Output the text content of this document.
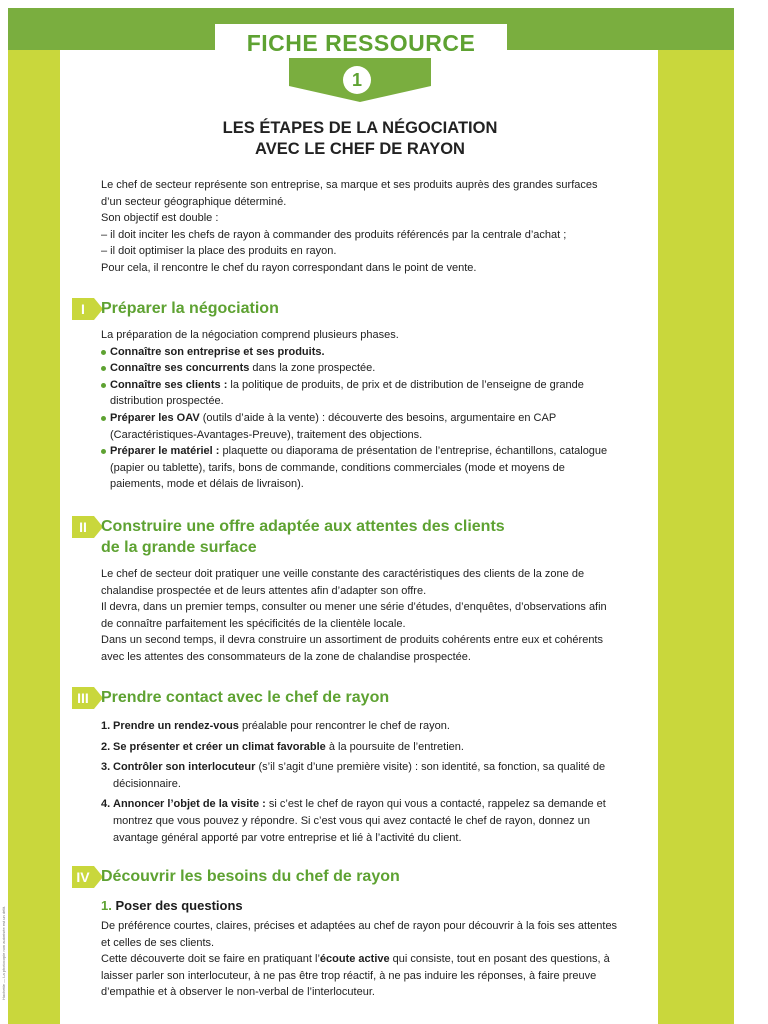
Hachette — La photocopie non autorisée est un délit.
FICHE RESSOURCE
1
LES ÉTAPES DE LA NÉGOCIATION
AVEC LE CHEF DE RAYON

Le chef de secteur représente son entreprise, sa marque et ses produits auprès des grandes surfaces d’un secteur géographique déterminé.

Son objectif est double :

– il doit inciter les chefs de rayon à commander des produits référencés par la centrale d’achat ;

– il doit optimiser la place des produits en rayon.

Pour cela, il rencontre le chef du rayon correspondant dans le point de vente.

I	Préparer la négociation

La préparation de la négociation comprend plusieurs phases.

Connaître son entreprise et ses produits.

Connaître ses concurrents dans la zone prospectée.

Connaître ses clients : la politique de produits, de prix et de distribution de l’enseigne de grande distribution prospectée.

Préparer les OAV (outils d’aide à la vente) : découverte des besoins, argumentaire en CAP (Caractéristiques-Avantages-Preuve), traitement des objections.

Préparer le matériel : plaquette ou diaporama de présentation de l’entreprise, échantillons, catalogue (papier ou tablette), tarifs, bons de commande, conditions commerciales (mode et moyens de paiements, mode et délais de livraison).

II Construire une offre adaptée aux attentes des clients
de la grande surface

Le chef de secteur doit pratiquer une veille constante des caractéristiques des clients de la zone de chalandise prospectée et de leurs attentes afin d’adapter son offre.

Il devra, dans un premier temps, consulter ou mener une série d’études, d’enquêtes, d’observations afin de connaître parfaitement les spécificités de la clientèle locale.

Dans un second temps, il devra construire un assortiment de produits cohérents entre eux et cohérents avec les attentes des consommateurs de la zone de chalandise prospectée.

III Prendre contact avec le chef de rayon

1. Prendre un rendez-vous préalable pour rencontrer le chef de rayon.

2. Se présenter et créer un climat favorable à la poursuite de l’entretien.

3. Contrôler son interlocuteur (s’il s’agit d’une première visite) : son identité, sa fonction, sa qualité de décisionnaire.

4. Annoncer l’objet de la visite : si c’est le chef de rayon qui vous a contacté, rappelez sa demande et montrez que vous pouvez y répondre. Si c’est vous qui avez contacté le chef de rayon, donnez un avantage général apporté par votre entreprise et lié à l’activité du client.

IV Découvrir les besoins du chef de rayon
1. Poser des questions

De préférence courtes, claires, précises et adaptées au chef de rayon pour découvrir à la fois ses attentes et celles de ses clients.

Cette découverte doit se faire en pratiquant l’écoute active qui consiste, tout en posant des questions, à laisser parler son interlocuteur, à ne pas être trop réactif, à ne pas induire les réponses, à faire preuve d’empathie et à observer le non-verbal de l’interlocuteur.
